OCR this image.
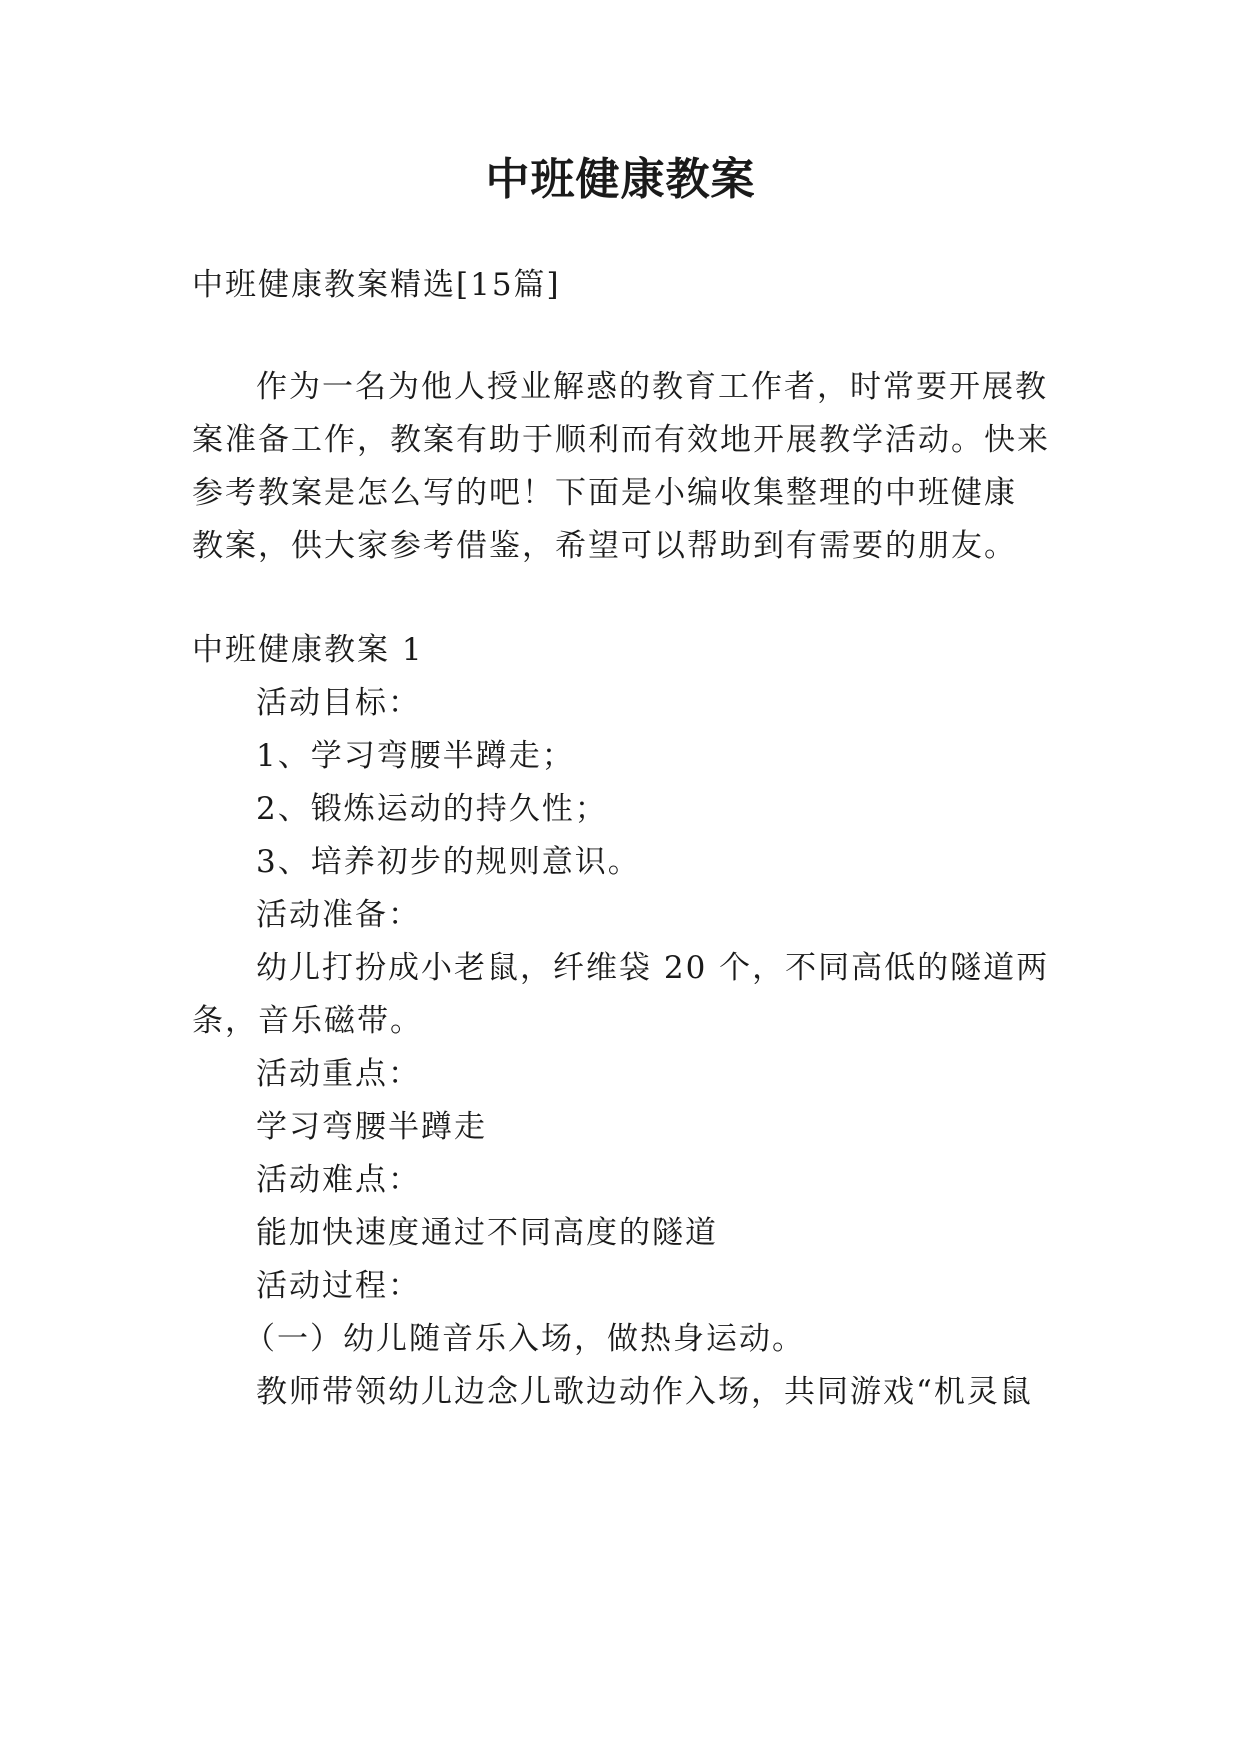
中班健康教案
中班健康教案精选[15篇]
作为一名为他人授业解惑的教育工作者，时常要开展教
案准备工作，教案有助于顺利而有效地开展教学活动。快来
参考教案是怎么写的吧！下面是小编收集整理的中班健康
教案，供大家参考借鉴，希望可以帮助到有需要的朋友。
中班健康教案 1
活动目标：
1、学习弯腰半蹲走；
2、锻炼运动的持久性；
3、培养初步的规则意识。
活动准备：
幼儿打扮成小老鼠，纤维袋 20 个，不同高低的隧道两
条，音乐磁带。
活动重点：
学习弯腰半蹲走
活动难点：
能加快速度通过不同高度的隧道
活动过程：
（一）幼儿随音乐入场，做热身运动。
教师带领幼儿边念儿歌边动作入场，共同游戏“机灵鼠
